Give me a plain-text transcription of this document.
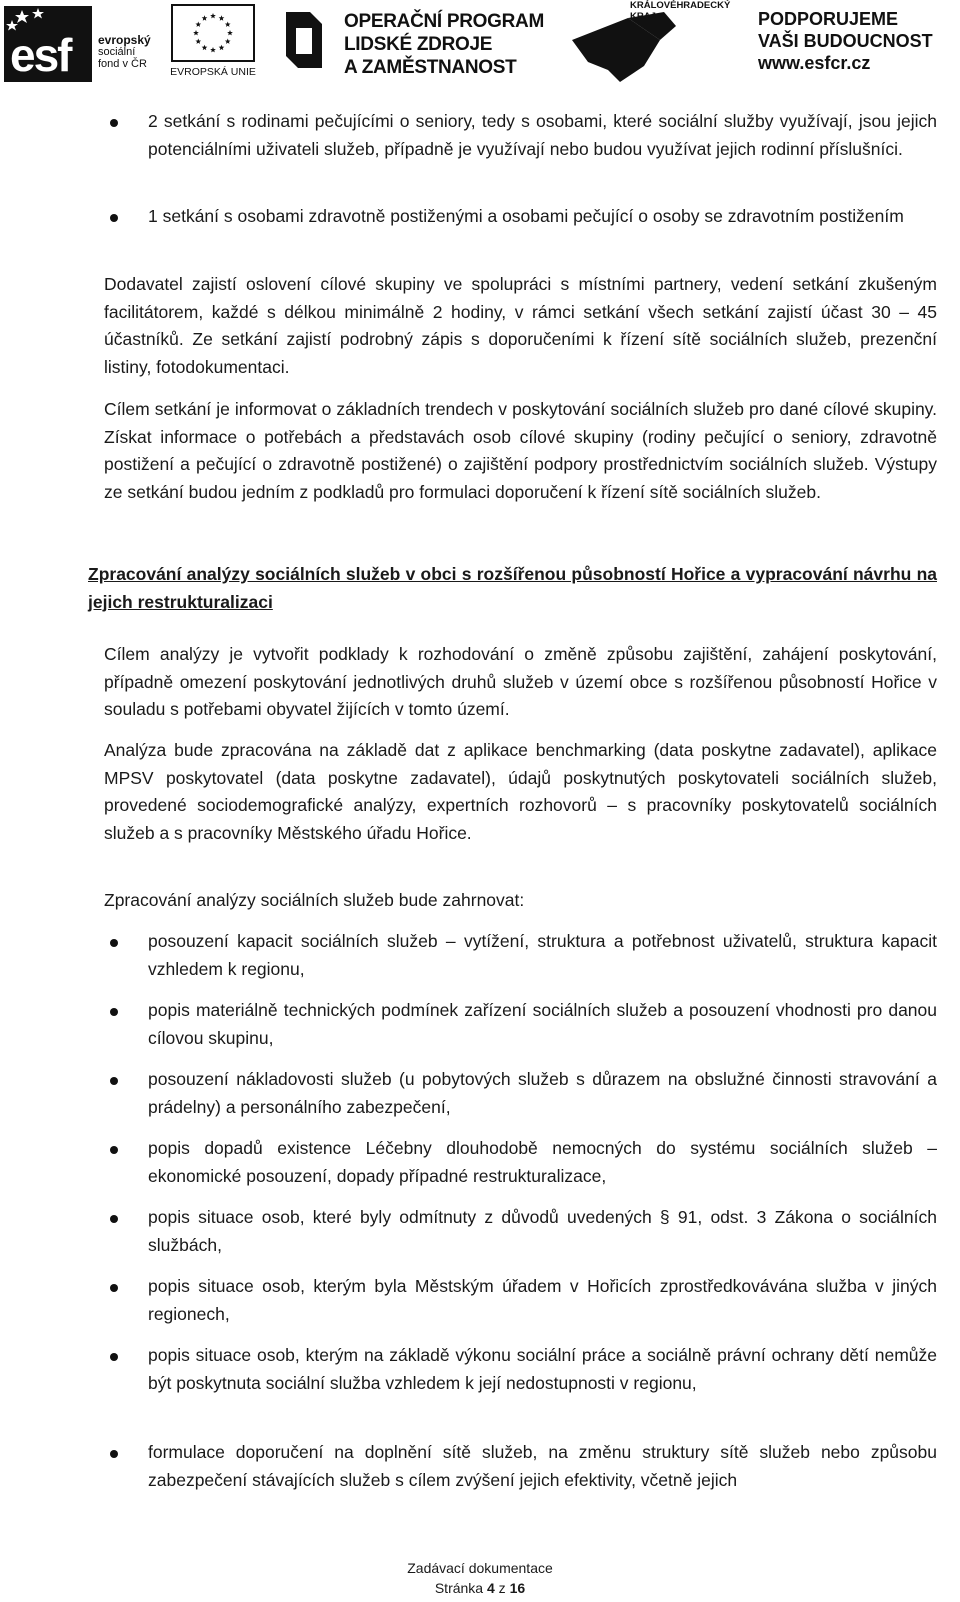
esf evropský
sociální
fond v ČR
EVROPSKÁ UNIE
OPERAČNÍ PROGRAM
LIDSKÉ ZDROJE
A ZAMĚSTNANOST
KRÁLOVÉHRADECKÝ
KRAJ	PODPORUJEME
VAŠI BUDOUCNOST
www.esfcr.cz
2 setkání s rodinami pečujícími o seniory, tedy s osobami, které sociální služby využívají, jsou jejich potenciálními uživateli služeb, případně je využívají nebo budou využívat jejich rodinní příslušníci.
1 setkání s osobami zdravotně postiženými a osobami pečující o osoby se zdravotním postižením
Dodavatel zajistí oslovení cílové skupiny ve spolupráci s místními partnery, vedení setkání zkušeným facilitátorem, každé s délkou minimálně 2 hodiny, v rámci setkání všech setkání zajistí účast 30 – 45 účastníků. Ze setkání zajistí podrobný zápis s doporučeními k řízení sítě sociálních služeb, prezenční listiny, fotodokumentaci.
Cílem setkání je informovat o základních trendech v poskytování sociálních služeb pro dané cílové skupiny. Získat informace o potřebách a představách osob cílové skupiny (rodiny pečující o seniory, zdravotně postižení a pečující o zdravotně postižené) o zajištění podpory prostřednictvím sociálních služeb. Výstupy ze setkání budou jedním z podkladů pro formulaci doporučení k řízení sítě sociálních služeb.
Zpracování analýzy sociálních služeb v obci s rozšířenou působností Hořice a vypracování návrhu na jejich restrukturalizaci
Cílem analýzy je vytvořit podklady k rozhodování o změně způsobu zajištění, zahájení poskytování, případně omezení poskytování jednotlivých druhů služeb v území obce s rozšířenou působností Hořice v souladu s potřebami obyvatel žijících v tomto území.
Analýza bude zpracována na základě dat z aplikace benchmarking (data poskytne zadavatel), aplikace MPSV poskytovatel (data poskytne zadavatel), údajů poskytnutých poskytovateli sociálních služeb, provedené sociodemografické analýzy, expertních rozhovorů – s pracovníky poskytovatelů sociálních služeb a s pracovníky Městského úřadu Hořice.
Zpracování analýzy sociálních služeb bude zahrnovat:
posouzení kapacit sociálních služeb – vytížení, struktura a potřebnost uživatelů, struktura kapacit vzhledem k regionu,
popis materiálně technických podmínek zařízení sociálních služeb a posouzení vhodnosti pro danou cílovou skupinu,
posouzení nákladovosti služeb (u pobytových služeb s důrazem na obslužné činnosti stravování a prádelny) a personálního zabezpečení,
popis dopadů existence Léčebny dlouhodobě nemocných do systému sociálních služeb – ekonomické posouzení, dopady případné restrukturalizace,
popis situace osob, které byly odmítnuty z důvodů uvedených § 91, odst. 3 Zákona o sociálních službách,
popis situace osob, kterým byla Městským úřadem v Hořicích zprostředkovávána služba v jiných regionech,
popis situace osob, kterým na základě výkonu sociální práce a sociálně právní ochrany dětí nemůže být poskytnuta sociální služba vzhledem k její nedostupnosti v regionu,
formulace doporučení na doplnění sítě služeb, na změnu struktury sítě služeb nebo způsobu zabezpečení stávajících služeb s cílem zvýšení jejich efektivity, včetně jejich
Zadávací dokumentace
Stránka 4 z 16
